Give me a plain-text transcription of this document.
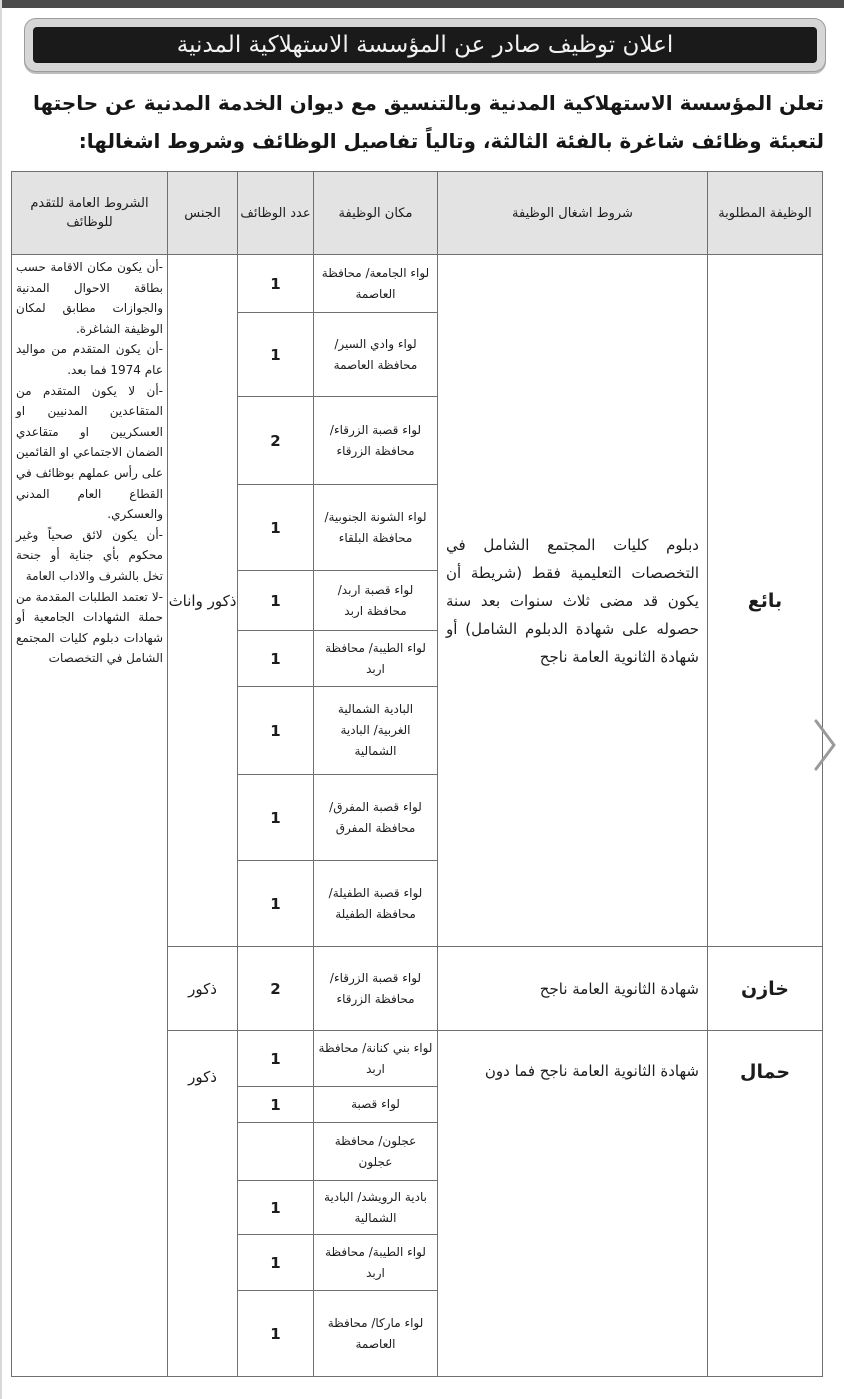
اعلان توظيف صادر عن المؤسسة الاستهلاكية المدنية
تعلن المؤسسة الاستهلاكية المدنية وبالتنسيق مع ديوان الخدمة المدنية عن حاجتها لتعبئة وظائف شاغرة بالفئة الثالثة، وتالياً تفاصيل الوظائف وشروط اشغالها:
الوظيفة المطلوبة	شروط اشغال الوظيفة	مكان الوظيفة	عدد الوظائف	الجنس	الشروط العامة للتقدم للوظائف
بائع	دبلوم كليات المجتمع الشامل في التخصصات التعليمية فقط (شريطة أن يكون قد مضى ثلاث سنوات بعد سنة حصوله على شهادة الدبلوم الشامل) أو شهادة الثانوية العامة ناجح	لواء الجامعة/ محافظة العاصمة	1	ذكور واناث	-أن يكون مكان الاقامة حسب بطاقة الاحوال المدنية والجوازات مطابق لمكان الوظيفة الشاغرة.

-أن يكون المتقدم من مواليد عام 1974 فما بعد.

-أن لا يكون المتقدم من المتقاعدين المدنيين او العسكريين او متقاعدي الضمان الاجتماعي او القائمين على رأس عملهم بوظائف في القطاع العام المدني والعسكري.

-أن يكون لائق صحياً وغير محكوم بأي جناية أو جنحة تخل بالشرف والاداب العامة

-لا تعتمد الطلبات المقدمة من حملة الشهادات الجامعية أو شهادات دبلوم كليات المجتمع الشامل في التخصصات

		لواء وادي السير/ محافظة العاصمة	1		
		لواء قصبة الزرقاء/ محافظة الزرقاء	2		
		لواء الشونة الجنوبية/ محافظة البلقاء	1		
		لواء قصبة اربد/ محافظة اربد	1		
		لواء الطيبة/ محافظة اربد	1		
		البادية الشمالية الغربية/ البادية الشمالية	1		
		لواء قصبة المفرق/ محافظة المفرق	1		
		لواء قصبة الطفيلة/ محافظة الطفيلة	1		
خازن	شهادة الثانوية العامة ناجح	لواء قصبة الزرقاء/ محافظة الزرقاء	2	ذكور	
حمال	شهادة الثانوية العامة ناجح فما دون	لواء بني كنانة/ محافظة اربد	1	ذكور	
		لواء قصبة	1		
		عجلون/ محافظة عجلون			
		بادية الرويشد/ البادية الشمالية	1		
		لواء الطيبة/ محافظة اربد	1		
		لواء ماركا/ محافظة العاصمة	1		
